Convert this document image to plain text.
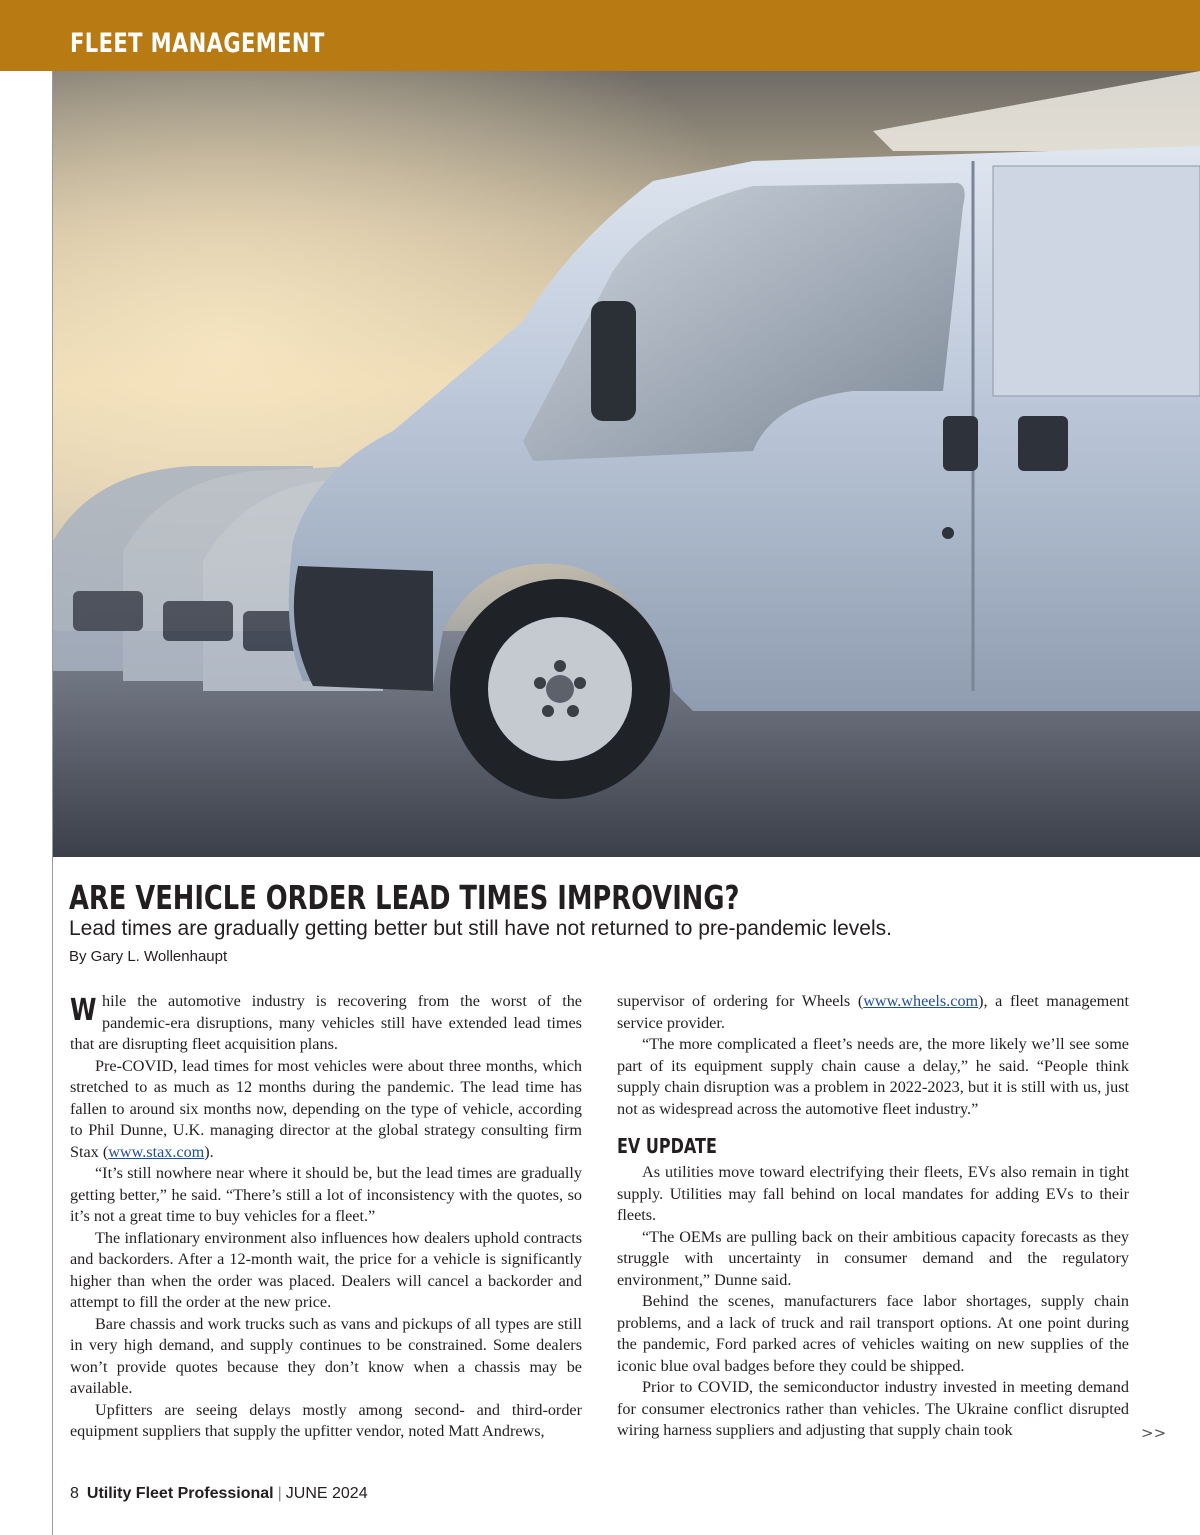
FLEET MANAGEMENT
ARE VEHICLE ORDER LEAD TIMES IMPROVING?
Lead times are gradually getting better but still have not returned to pre-pandemic levels.
By Gary L. Wollenhaupt

While the automotive industry is recovering from the worst of the pandemic-era disruptions, many vehicles still have extended lead times that are disrupting fleet acquisition plans.

Pre-COVID, lead times for most vehicles were about three months, which stretched to as much as 12 months during the pandemic. The lead time has fallen to around six months now, depending on the type of vehicle, according to Phil Dunne, U.K. managing director at the global strategy consulting firm Stax (www.stax.com).

“It’s still nowhere near where it should be, but the lead times are gradually getting better,” he said. “There’s still a lot of inconsistency with the quotes, so it’s not a great time to buy vehicles for a fleet.”

The inflationary environment also influences how dealers uphold contracts and backorders. After a 12-month wait, the price for a vehicle is significantly higher than when the order was placed. Dealers will cancel a backorder and attempt to fill the order at the new price.

Bare chassis and work trucks such as vans and pickups of all types are still in very high demand, and supply continues to be constrained. Some dealers won’t provide quotes because they don’t know when a chassis may be available.

Upfitters are seeing delays mostly among second- and third-order equipment suppliers that supply the upfitter vendor, noted Matt Andrews,

supervisor of ordering for Wheels (www.wheels.com), a fleet management service provider.

“The more complicated a fleet’s needs are, the more likely we’ll see some part of its equipment supply chain cause a delay,” he said. “People think supply chain disruption was a problem in 2022-2023, but it is still with us, just not as widespread across the automotive fleet industry.”

EV UPDATE

As utilities move toward electrifying their fleets, EVs also remain in tight supply. Utilities may fall behind on local mandates for adding EVs to their fleets.

“The OEMs are pulling back on their ambitious capacity forecasts as they struggle with uncertainty in consumer demand and the regulatory environment,” Dunne said.

Behind the scenes, manufacturers face labor shortages, supply chain problems, and a lack of truck and rail transport options. At one point during the pandemic, Ford parked acres of vehicles waiting on new supplies of the iconic blue oval badges before they could be shipped.

Prior to COVID, the semiconductor industry invested in meeting demand for consumer electronics rather than vehicles. The Ukraine conflict disrupted wiring harness suppliers and adjusting that supply chain took	>>
8 Utility Fleet Professional | JUNE 2024
